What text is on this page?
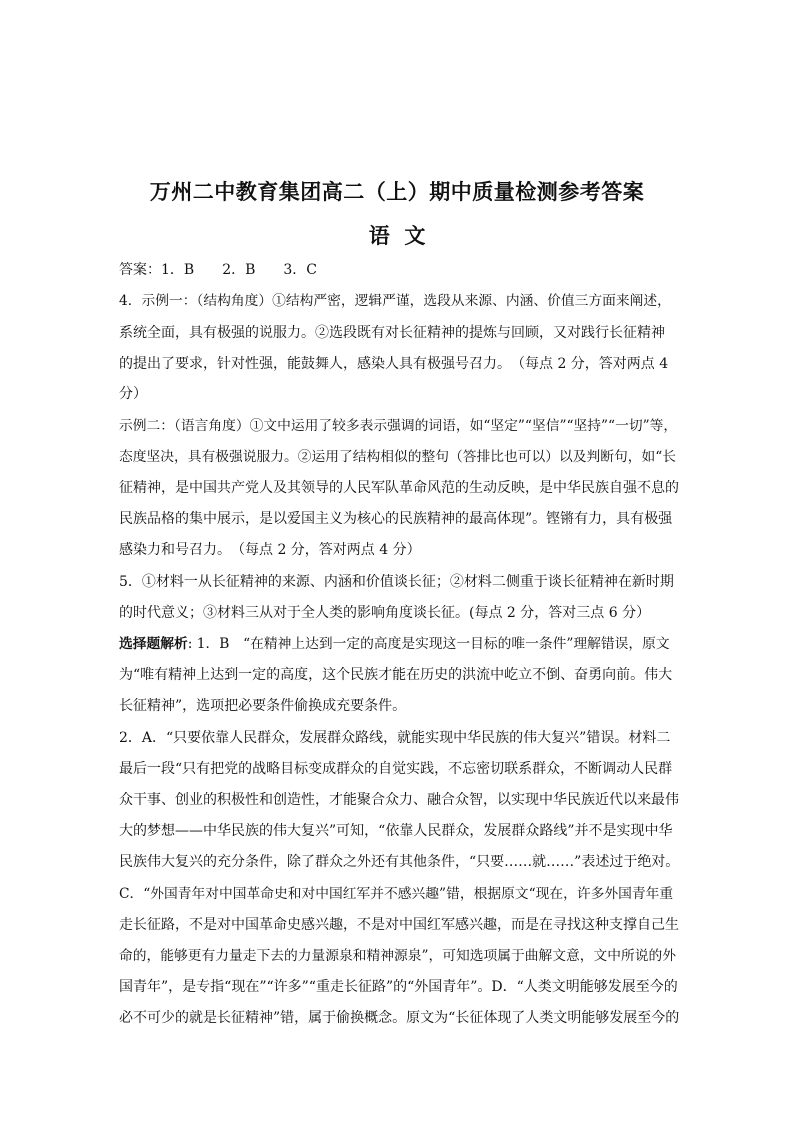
万州二中教育集团高二（上）期中质量检测参考答案
语 文
答案：1．B　　2．B　　3．C
4．示例一：（结构角度）①结构严密，逻辑严谨，选段从来源、内涵、价值三方面来阐述，
系统全面，具有极强的说服力。②选段既有对长征精神的提炼与回顾，又对践行长征精神
的提出了要求，针对性强，能鼓舞人，感染人具有极强号召力。　（每点 2 分，答对两点 4
分）
示例二：（语言角度）①文中运用了较多表示强调的词语，如“坚定”“坚信”“坚持”“一切”等，
态度坚决，具有极强说服力。②运用了结构相似的整句（答排比也可以）以及判断句，如“长
征精神，是中国共产党人及其领导的人民军队革命风范的生动反映，是中华民族自强不息的
民族品格的集中展示，是以爱国主义为核心的民族精神的最高体现”。铿锵有力，具有极强
感染力和号召力。　（每点 2 分，答对两点 4 分）
5．①材料一从长征精神的来源、内涵和价值谈长征；②材料二侧重于谈长征精神在新时期
的时代意义；③材料三从对于全人类的影响角度谈长征。(每点 2 分，答对三点 6 分）
选择题解析: 1．B　“在精神上达到一定的高度是实现这一目标的唯一条件”理解错误，原文
为“唯有精神上达到一定的高度，这个民族才能在历史的洪流中屹立不倒、奋勇向前。伟大
长征精神”，选项把必要条件偷换成充要条件。
2．A．“只要依靠人民群众，发展群众路线，就能实现中华民族的伟大复兴”错误。材料二
最后一段“只有把党的战略目标变成群众的自觉实践，不忘密切联系群众，不断调动人民群
众干事、创业的积极性和创造性，才能聚合众力、融合众智，以实现中华民族近代以来最伟
大的梦想——中华民族的伟大复兴”可知，“依靠人民群众，发展群众路线”并不是实现中华
民族伟大复兴的充分条件，除了群众之外还有其他条件，“只要……就……”表述过于绝对。
C．“外国青年对中国革命史和对中国红军并不感兴趣”错，根据原文“现在，许多外国青年重
走长征路，不是对中国革命史感兴趣，不是对中国红军感兴趣，而是在寻找这种支撑自己生
命的，能够更有力量走下去的力量源泉和精神源泉”，可知选项属于曲解文意，文中所说的外
国青年”，是专指“现在”“许多”“重走长征路”的“外国青年”。D．“人类文明能够发展至今的
必不可少的就是长征精神”错，属于偷换概念。原文为“长征体现了人类文明能够发展至今的
